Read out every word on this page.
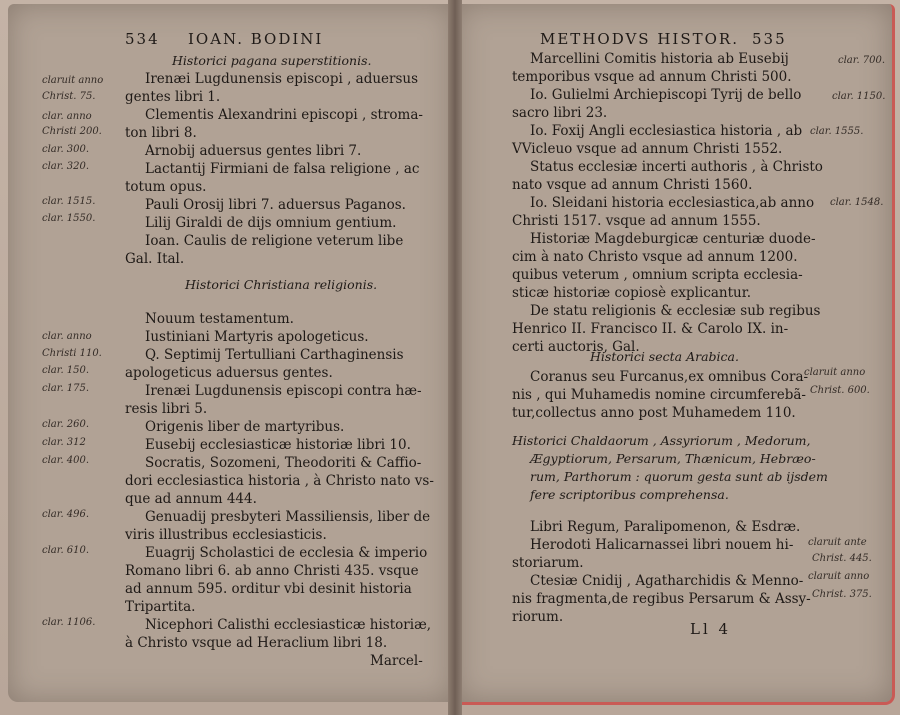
534 IOAN. BODINI
Historici pagana superstitionis.
Irenæi Lugdunensis episcopi , aduersus
gentes libri 1.
Clementis Alexandrini episcopi , stroma-
ton libri 8.
Arnobij aduersus gentes libri 7.
Lactantij Firmiani de falsa religione , ac
totum opus.
Pauli Orosij libri 7. aduersus Paganos.
Lilij Giraldi de dijs omnium gentium.
Ioan. Caulis de religione veterum libe
Gal. Ital.
Historici Christiana religionis.
Nouum testamentum.
Iustiniani Martyris apologeticus.
Q. Septimij Tertulliani Carthaginensis
apologeticus aduersus gentes.
Irenæi Lugdunensis episcopi contra hæ-
resis libri 5.
Origenis liber de martyribus.
Eusebij ecclesiasticæ historiæ libri 10.
Socratis, Sozomeni, Theodoriti & Caffio-
dori ecclesiastica historia , à Christo nato vs-
que ad annum 444.
Genuadij presbyteri Massiliensis, liber de
viris illustribus ecclesiasticis.
Euagrij Scholastici de ecclesia & imperio
Romano libri 6. ab anno Christi 435. vsque
ad annum 595. orditur vbi desinit historia
Tripartita.
Nicephori Calisthi ecclesiasticæ historiæ,
à Christo vsque ad Heraclium libri 18.
Marcel-
claruit anno
Christ. 75.
clar. anno
Christi 200.
clar. 300.
clar. 320.
clar. 1515.
clar. 1550.
clar. anno
Christi 110.
clar. 150.
clar. 175.
clar. 260.
clar. 312
clar. 400.
clar. 496.
clar. 610.
clar. 1106.
METHODVS HISTOR. 535
Marcellini Comitis historia ab Eusebij
temporibus vsque ad annum Christi 500.
Io. Gulielmi Archiepiscopi Tyrij de bello
sacro libri 23.
Io. Foxij Angli ecclesiastica historia , ab
VVicleuo vsque ad annum Christi 1552.
Status ecclesiæ incerti authoris , à Christo
nato vsque ad annum Christi 1560.
Io. Sleidani historia ecclesiastica,ab anno
Christi 1517. vsque ad annum 1555.
Historiæ Magdeburgicæ centuriæ duode-
cim à nato Christo vsque ad annum 1200.
quibus veterum , omnium scripta ecclesia-
sticæ historiæ copiosè explicantur.
De statu religionis & ecclesiæ sub regibus
Henrico II. Francisco II. & Carolo IX. in-
certi auctoris, Gal.
Historici secta Arabica.
Coranus seu Furcanus,ex omnibus Cora-
nis , qui Muhamedis nomine circumferebã-
tur,collectus anno post Muhamedem 110.
Historici Chaldaorum , Assyriorum , Medorum,
Ægyptiorum, Persarum, Thænicum, Hebræo-
rum, Parthorum : quorum gesta sunt ab ijsdem
fere scriptoribus comprehensa.
Libri Regum, Paralipomenon, & Esdræ.
Herodoti Halicarnassei libri nouem hi-
storiarum.
Ctesiæ Cnidij , Agatharchidis & Menno-
nis fragmenta,de regibus Persarum & Assy-
riorum.
Ll 4
clar. 700.
clar. 1150.
clar. 1555.
clar. 1548.
claruit anno
Christ. 600.
claruit ante
Christ. 445.
claruit anno
Christ. 375.
